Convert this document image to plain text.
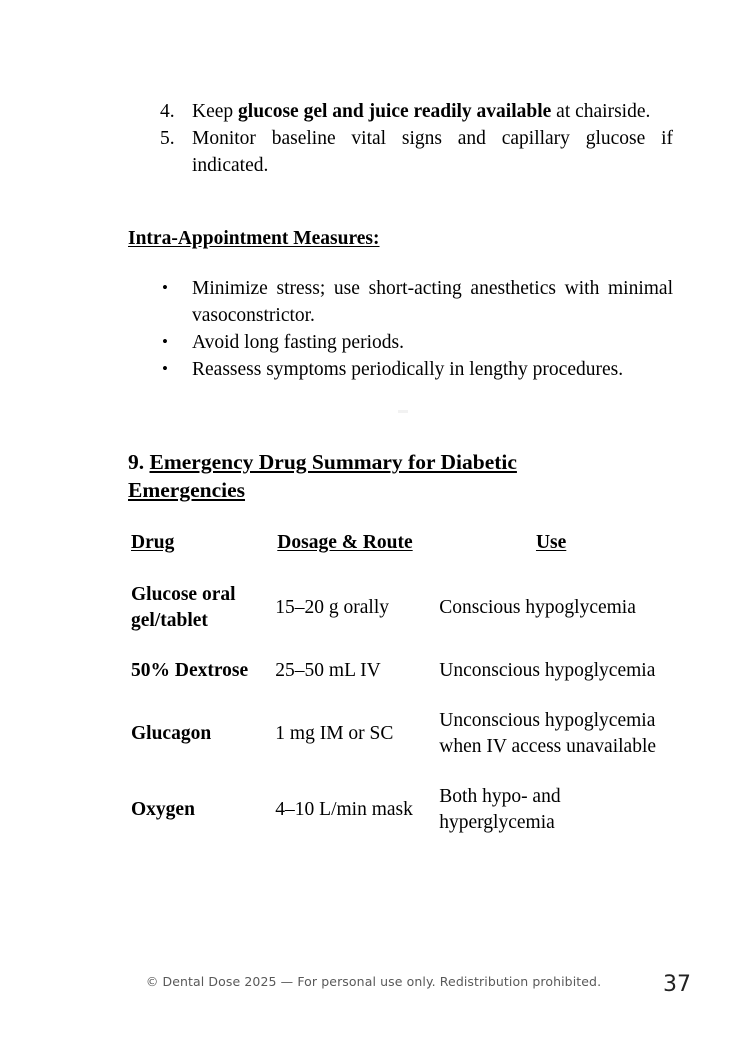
4. Keep glucose gel and juice readily available at chairside.
5. Monitor baseline vital signs and capillary glucose if indicated.
Intra-Appointment Measures:
• Minimize stress; use short-acting anesthetics with minimal vasoconstrictor.
• Avoid long fasting periods.
• Reassess symptoms periodically in lengthy procedures.
9. Emergency Drug Summary for Diabetic Emergencies
Drug	Dosage & Route	Use
Glucose oral gel/tablet	15–20 g orally	Conscious hypoglycemia
50% Dextrose	25–50 mL IV	Unconscious hypoglycemia
Glucagon	1 mg IM or SC	Unconscious hypoglycemia when IV access unavailable
Oxygen	4–10 L/min mask	Both hypo- and hyperglycemia
© Dental Dose 2025 — For personal use only. Redistribution prohibited.	37
